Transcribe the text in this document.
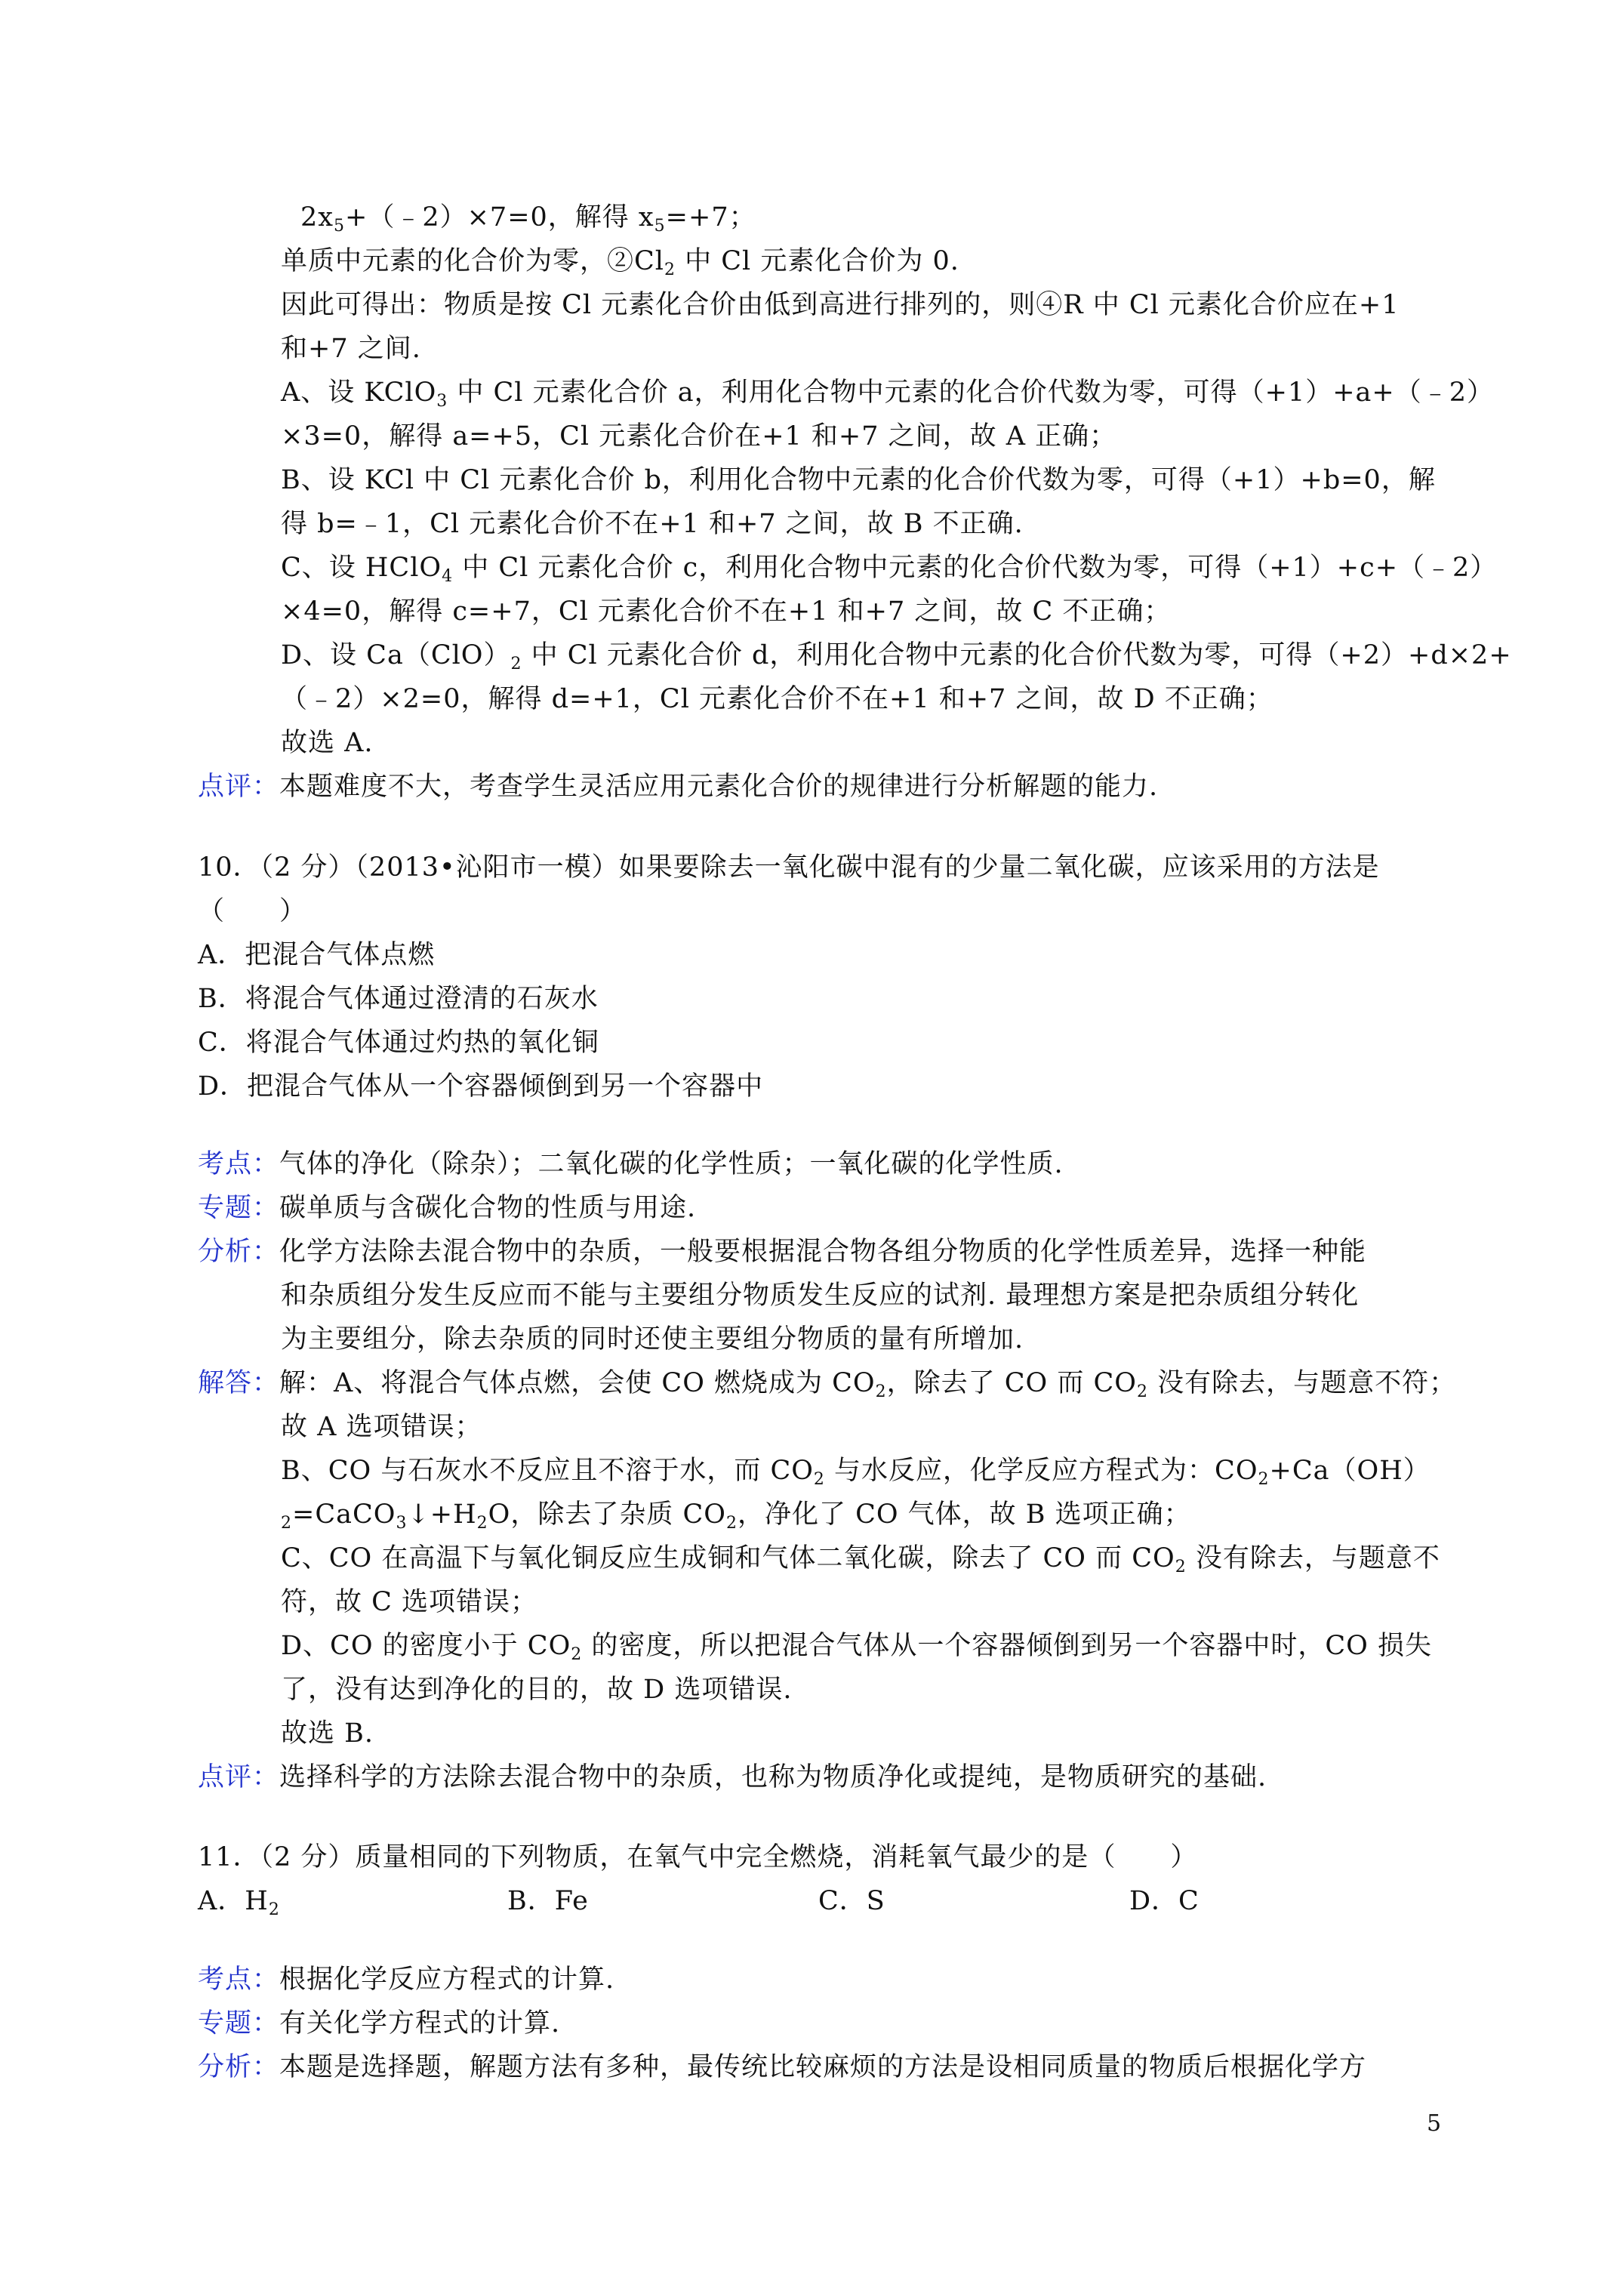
$2x_5+(﹣2)\times 7=0$，解得 $x_5=+7$；
单质中元素的化合价为零，$②Cl_2$ 中 Cl 元素化合价为 0.
因此可得出：物质是按 Cl 元素化合价由低到高进行排列的，则④R 中 Cl 元素化合价应在+1
和+7 之间.
A、设 KClO$_3$ 中 Cl 元素化合价 a，利用化合物中元素的化合价代数为零，可得（+1）+a+（﹣2）
×3=0，解得 a=+5，Cl 元素化合价在+1 和+7 之间，故 A 正确；
B、设 KCl 中 Cl 元素化合价 b，利用化合物中元素的化合价代数为零，可得（+1）+b=0，解
得 b=﹣1，Cl 元素化合价不在+1 和+7 之间，故 B 不正确.
C、设 HClO$_4$ 中 Cl 元素化合价 c，利用化合物中元素的化合价代数为零，可得（+1）+c+（﹣2）
×4=0，解得 c=+7，Cl 元素化合价不在+1 和+7 之间，故 C 不正确；
D、设 $Ca(ClO)_2$ 中 Cl 元素化合价 d，利用化合物中元素的化合价代数为零，可得（+2）+d×2+
（﹣2）×2=0，解得 d=+1，Cl 元素化合价不在+1 和+7 之间，故 D 不正确；
故选 A.
点评：本题难度不大，考查学生灵活应用元素化合价的规律进行分析解题的能力.
10．（2 分）（2013•沁阳市一模）如果要除去一氧化碳中混有的少量二氧化碳，应该采用的方法是
（　　）
A．把混合气体点燃
B．将混合气体通过澄清的石灰水
C．将混合气体通过灼热的氧化铜
D．把混合气体从一个容器倾倒到另一个容器中
考点：气体的净化（除杂）；二氧化碳的化学性质；一氧化碳的化学性质.
专题：碳单质与含碳化合物的性质与用途.
分析：化学方法除去混合物中的杂质，一般要根据混合物各组分物质的化学性质差异，选择一种能
和杂质组分发生反应而不能与主要组分物质发生反应的试剂. 最理想方案是把杂质组分转化
为主要组分，除去杂质的同时还使主要组分物质的量有所增加.
解答：解：A、将混合气体点燃，会使 CO 燃烧成为 $CO_2$，除去了 CO 而 $CO_2$ 没有除去，与题意不符；
故 A 选项错误；
B、CO 与石灰水不反应且不溶于水，而 $CO_2$ 与水反应，化学反应方程式为：$CO_2+Ca(OH)$
$_2=CaCO_3↓+H_2O$，除去了杂质 $CO_2$，净化了 CO 气体，故 B 选项正确；
C、CO 在高温下与氧化铜反应生成铜和气体二氧化碳，除去了 CO 而 $CO_2$ 没有除去，与题意不
符，故 C 选项错误；
D、CO 的密度小于 $CO_2$ 的密度，所以把混合气体从一个容器倾倒到另一个容器中时，CO 损失
了，没有达到净化的目的，故 D 选项错误.
故选 B.
点评：选择科学的方法除去混合物中的杂质，也称为物质净化或提纯，是物质研究的基础.
11．（2 分）质量相同的下列物质，在氧气中完全燃烧，消耗氧气最少的是（　　）
A．$H_2$	B．Fe	C．S	D．C
考点：根据化学反应方程式的计算.
专题：有关化学方程式的计算.
分析：本题是选择题，解题方法有多种，最传统比较麻烦的方法是设相同质量的物质后根据化学方
5
